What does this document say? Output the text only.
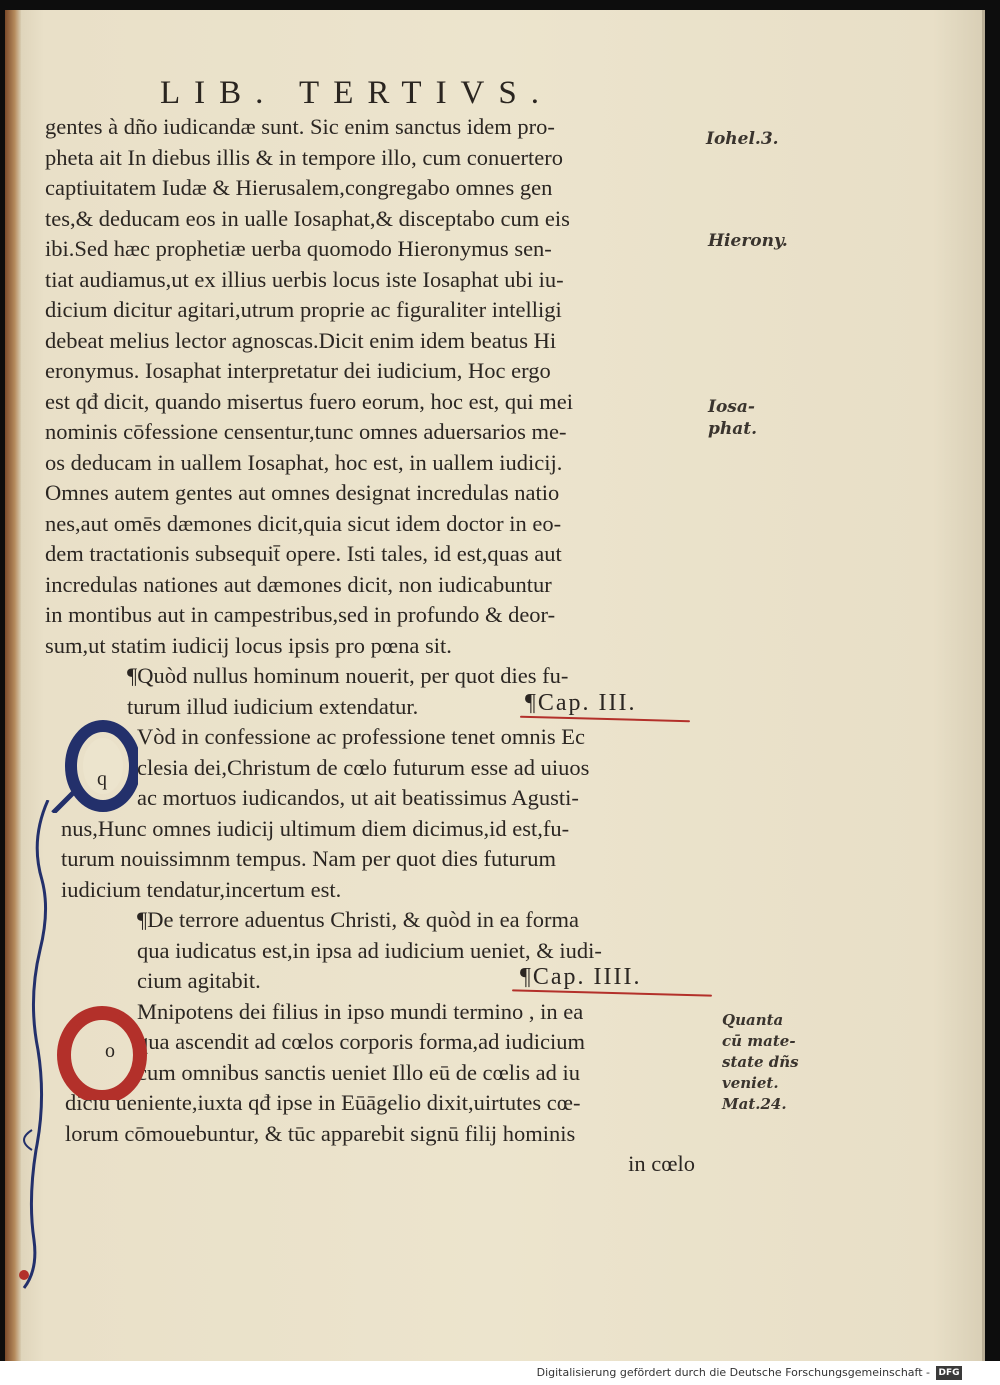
LIB. TERTIVS.
Iohel.3.
Hierony.
Iosa-
phat.
Quanta
cū mate-
state dñs
veniet.
Mat.24.

gentes à dño iudicandæ sunt. Sic enim sanctus idem pro-

pheta ait In diebus illis & in tempore illo, cum conuertero

captiuitatem Iudæ & Hierusalem,congregabo omnes gen

tes,& deducam eos in ualle Iosaphat,& disceptabo cum eis

ibi.Sed hæc prophetiæ uerba quomodo Hieronymus sen-

tiat audiamus,ut ex illius uerbis locus iste Iosaphat ubi iu-

dicium dicitur agitari,utrum proprie ac figuraliter intelligi

debeat melius lector agnoscas.Dicit enim idem beatus Hi

eronymus. Iosaphat interpretatur dei iudicium, Hoc ergo

est qđ dicit, quando misertus fuero eorum, hoc est, qui mei

nominis cōfessione censentur,tunc omnes aduersarios me-

os deducam in uallem Iosaphat, hoc est, in uallem iudicij.

Omnes autem gentes aut omnes designat incredulas natio

nes,aut omēs dæmones dicit,quia sicut idem doctor in eo-

dem tractationis subsequit̄ opere. Isti tales, id est,quas aut

incredulas nationes aut dæmones dicit, non iudicabuntur

in montibus aut in campestribus,sed in profundo & deor-

sum,ut statim iudicij locus ipsis pro pœna sit.

¶Quòd nullus hominum nouerit, per quot dies fu-

turum illud iudicium extendatur.

Vòd in confessione ac professione tenet omnis Ec

clesia dei,Christum de cœlo futurum esse ad uiuos

ac mortuos iudicandos, ut ait beatissimus Agusti-

nus,Hunc omnes iudicij ultimum diem dicimus,id est,fu-

turum nouissimnm tempus. Nam per quot dies futurum

iudicium tendatur,incertum est.

¶De terrore aduentus Christi, & quòd in ea forma

qua iudicatus est,in ipsa ad iudicium ueniet, & iudi-

cium agitabit.

Mnipotens dei filius in ipso mundi termino , in ea

qua ascendit ad cœlos corporis forma,ad iudicium

cum omnibus sanctis ueniet Illo eū de cœlis ad iu

diciū ueniente,iuxta qđ ipse in Eūāgelio dixit,uirtutes cœ-

lorum cōmouebuntur, & tūc apparebit signū filij hominis

in cœlo

¶Cap. III.
¶Cap. IIII.
q
o
Digitalisierung gefördert durch die Deutsche Forschungsgemeinschaft - DFG
